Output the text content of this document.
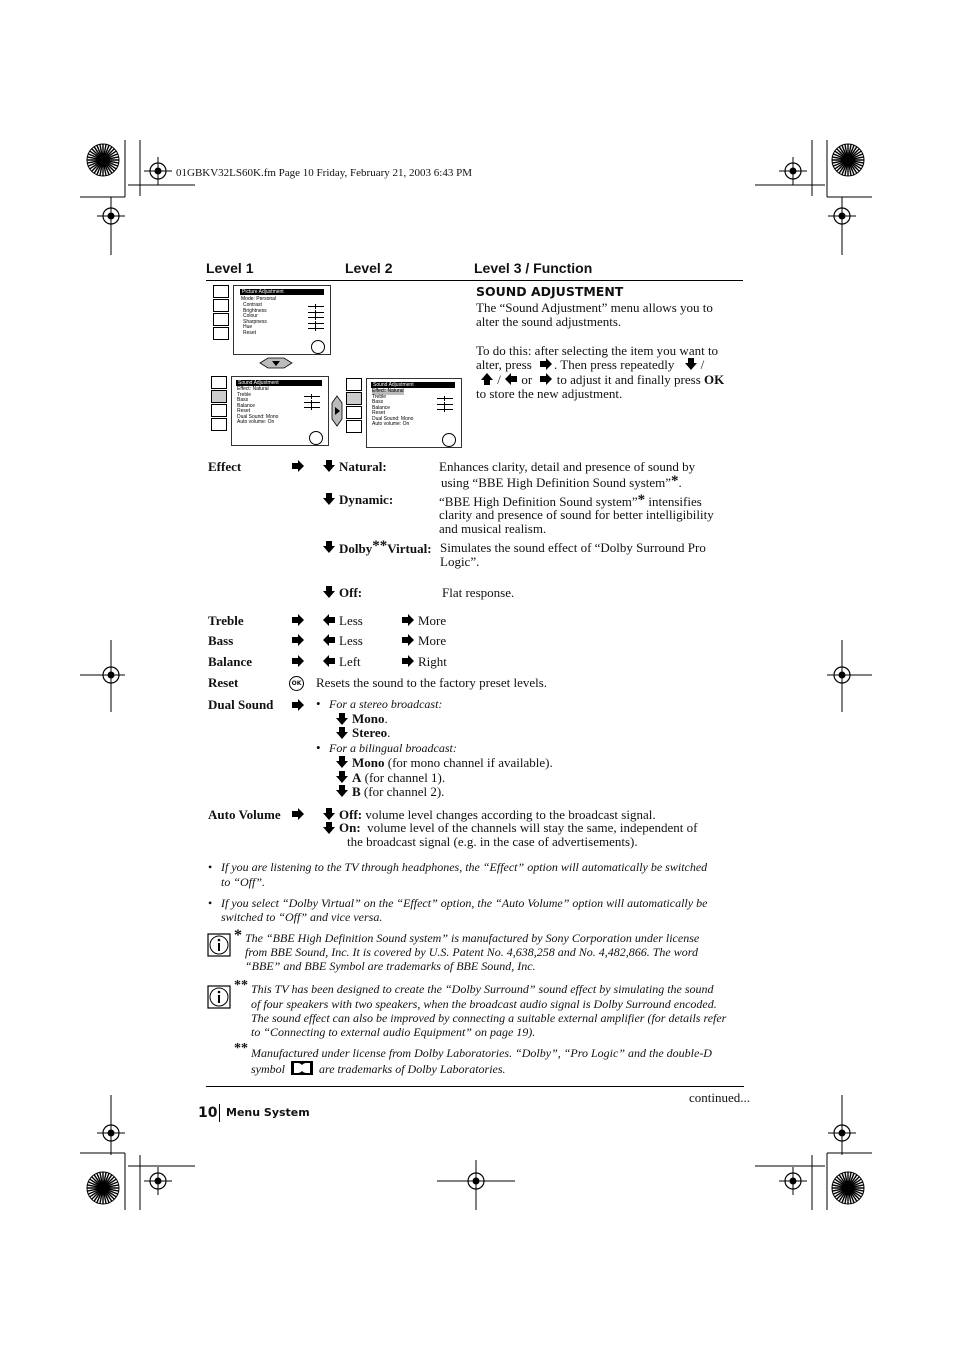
01GBKV32LS60K.fm Page 10 Friday, February 21, 2003 6:43 PM
Level 1	Level 2	Level 3 / Function
Picture Adjustment
Mode: Personal
Contrast
Brightness
Colour
Sharpness
Hue
Reset
Sound Adjustment
Effect: Natural
Treble
Bass
Balance
Reset
Dual Sound: Mono
Auto volume: On
Sound Adjustment
Effect: Natural
Treble
Bass
Balance
Reset
Dual Sound: Mono
Auto volume: On
SOUND ADJUSTMENT
The “Sound Adjustment” menu allows you to
alter the sound adjustments.
To do this: after selecting the item you want to
alter, press . Then press repeatedly /
/ or to adjust it and finally press OK
to store the new adjustment.
Effect	Natural:	Enhances clarity, detail and presence of sound by
using “BBE High Definition Sound system”*.
Dynamic:	“BBE High Definition Sound system”* intensifies
clarity and presence of sound for better intelligibility
and musical realism.
Dolby**Virtual: Simulates the sound effect of “Dolby Surround Pro
Logic”.
Off:	Flat response.
Treble	Less	More
Bass	Less	More
Balance	Left	Right
Reset	OK Resets the sound to the factory preset levels.
Dual Sound	• For a stereo broadcast:
Mono.
Stereo.
• For a bilingual broadcast:
Mono (for mono channel if available).
A (for channel 1).
B (for channel 2).
Auto Volume	Off: volume level changes according to the broadcast signal.
On: volume level of the channels will stay the same, independent of
the broadcast signal (e.g. in the case of advertisements).
• If you are listening to the TV through headphones, the “Effect” option will automatically be switched
to “Off”.
• If you select “Dolby Virtual” on the “Effect” option, the “Auto Volume” option will automatically be
switched to “Off” and vice versa.
* The “BBE High Definition Sound system” is manufactured by Sony Corporation under license
from BBE Sound, Inc. It is covered by U.S. Patent No. 4,638,258 and No. 4,482,866. The word
“BBE” and BBE Symbol are trademarks of BBE Sound, Inc.
** This TV has been designed to create the “Dolby Surround” sound effect by simulating the sound
of four speakers with two speakers, when the broadcast audio signal is Dolby Surround encoded.
The sound effect can also be improved by connecting a suitable external amplifier (for details refer
to “Connecting to external audio Equipment” on page 19).
** Manufactured under license from Dolby Laboratories. “Dolby”, “Pro Logic” and the double-D
symbol	are trademarks of Dolby Laboratories.
continued...
10 Menu System
